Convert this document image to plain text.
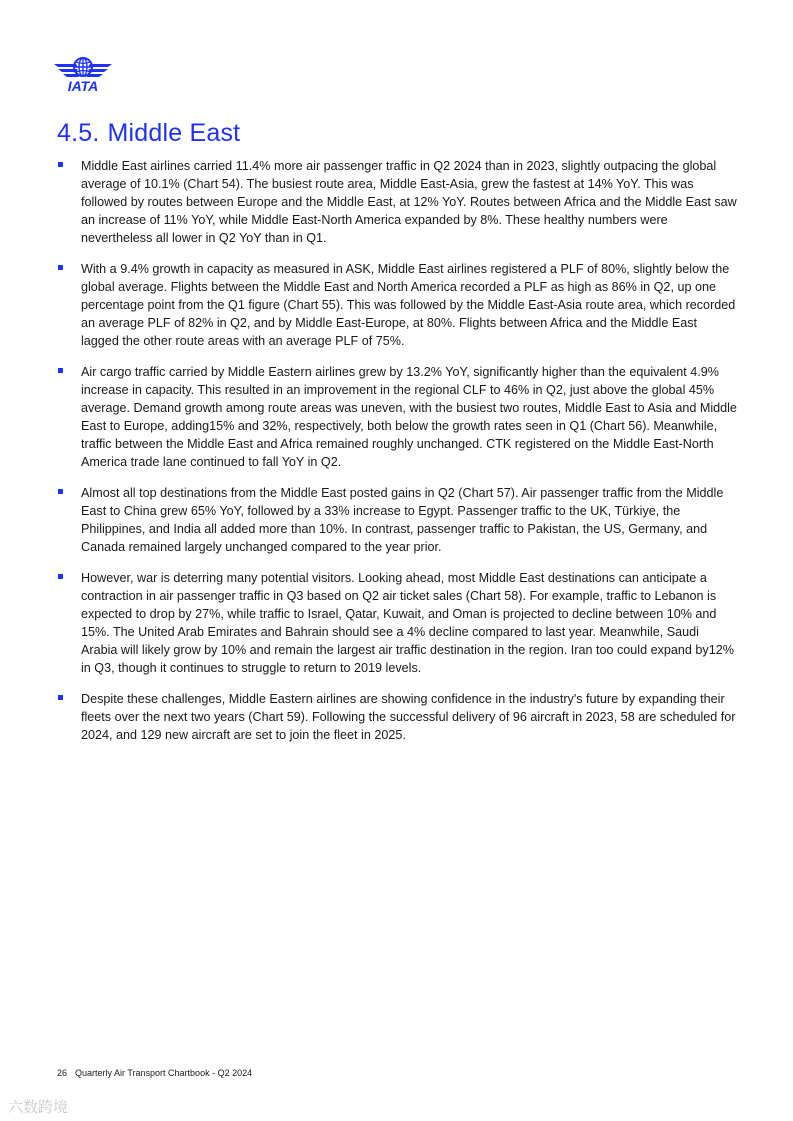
IATA
4.5. Middle East
Middle East airlines carried 11.4% more air passenger traffic in Q2 2024 than in 2023, slightly outpacing the global average of 10.1% (Chart 54). The busiest route area, Middle East-Asia, grew the fastest at 14% YoY. This was followed by routes between Europe and the Middle East, at 12% YoY. Routes between Africa and the Middle East saw an increase of 11% YoY, while Middle East-North America expanded by 8%. These healthy numbers were nevertheless all lower in Q2 YoY than in Q1.
With a 9.4% growth in capacity as measured in ASK, Middle East airlines registered a PLF of 80%, slightly below the global average. Flights between the Middle East and North America recorded a PLF as high as 86% in Q2, up one percentage point from the Q1 figure (Chart 55). This was followed by the Middle East-Asia route area, which recorded an average PLF of 82% in Q2, and by Middle East-Europe, at 80%. Flights between Africa and the Middle East lagged the other route areas with an average PLF of 75%.
Air cargo traffic carried by Middle Eastern airlines grew by 13.2% YoY, significantly higher than the equivalent 4.9% increase in capacity. This resulted in an improvement in the regional CLF to 46% in Q2, just above the global 45% average. Demand growth among route areas was uneven, with the busiest two routes, Middle East to Asia and Middle East to Europe, adding15% and 32%, respectively, both below the growth rates seen in Q1 (Chart 56). Meanwhile, traffic between the Middle East and Africa remained roughly unchanged. CTK registered on the Middle East-North America trade lane continued to fall YoY in Q2.
Almost all top destinations from the Middle East posted gains in Q2 (Chart 57). Air passenger traffic from the Middle East to China grew 65% YoY, followed by a 33% increase to Egypt. Passenger traffic to the UK, Türkiye, the Philippines, and India all added more than 10%. In contrast, passenger traffic to Pakistan, the US, Germany, and Canada remained largely unchanged compared to the year prior.
However, war is deterring many potential visitors. Looking ahead, most Middle East destinations can anticipate a contraction in air passenger traffic in Q3 based on Q2 air ticket sales (Chart 58). For example, traffic to Lebanon is expected to drop by 27%, while traffic to Israel, Qatar, Kuwait, and Oman is projected to decline between 10% and 15%. The United Arab Emirates and Bahrain should see a 4% decline compared to last year. Meanwhile, Saudi Arabia will likely grow by 10% and remain the largest air traffic destination in the region. Iran too could expand by12% in Q3, though it continues to struggle to return to 2019 levels.
Despite these challenges, Middle Eastern airlines are showing confidence in the industry's future by expanding their fleets over the next two years (Chart 59). Following the successful delivery of 96 aircraft in 2023, 58 are scheduled for 2024, and 129 new aircraft are set to join the fleet in 2025.
26 Quarterly Air Transport Chartbook - Q2 2024
六数跨境
